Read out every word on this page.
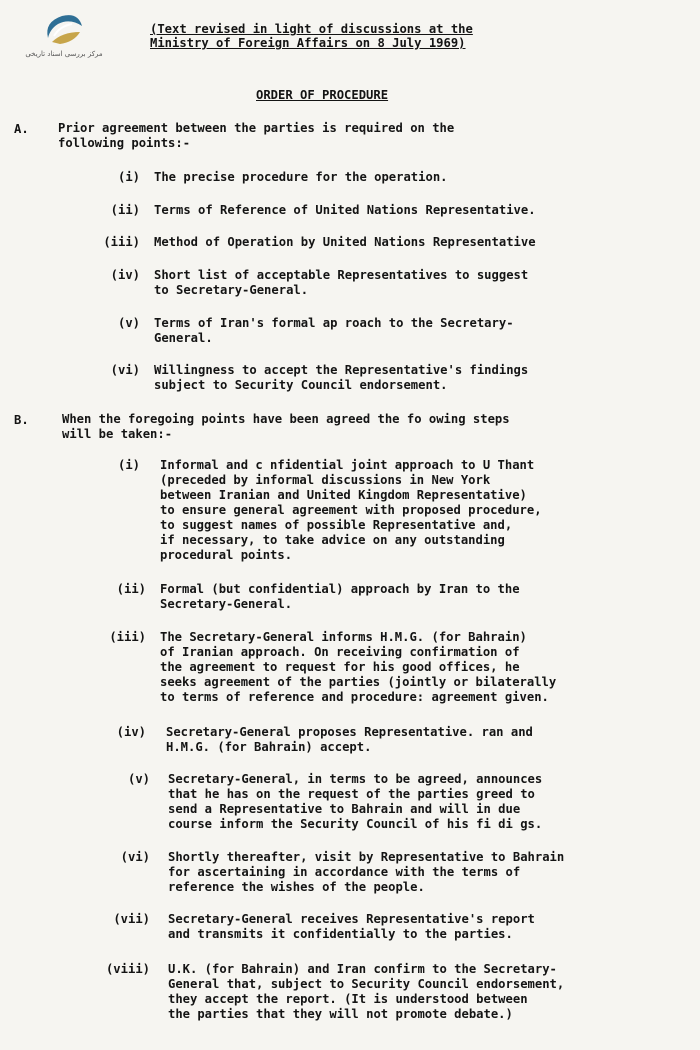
مرکز بررسی اسناد تاریخی
(Text revised in light of discussions at the
Ministry of Foreign Affairs on 8 July 1969)
ORDER OF PROCEDURE
A. Prior agreement between the parties is required on the
following points:-
(i) The precise procedure for the operation.
(ii) Terms of Reference of United Nations Representative.
(iii) Method of Operation by United Nations Representative
(iv) Short list of acceptable Representatives to suggest
to Secretary-General.
(v) Terms of Iran's formal ap roach to the Secretary-
General.
(vi) Willingness to accept the Representative's findings
subject to Security Council endorsement.
B.	When the foregoing points have been agreed the fo owing steps
will be taken:-
(i) Informal and c nfidential joint approach to U Thant
(preceded by informal discussions in New York
between Iranian and United Kingdom Representative)
to ensure general agreement with proposed procedure,
to suggest names of possible Representative and,
if necessary, to take advice on any outstanding
procedural points.
(ii) Formal (but confidential) approach by Iran to the
Secretary-General.
(iii) The Secretary-General informs H.M.G. (for Bahrain)
of Iranian approach. On receiving confirmation of
the agreement to request for his good offices, he
seeks agreement of the parties (jointly or bilaterally
to terms of reference and procedure: agreement given.
(iv) Secretary-General proposes Representative. ran and
H.M.G. (for Bahrain) accept.
(v) Secretary-General, in terms to be agreed, announces
that he has on the request of the parties greed to
send a Representative to Bahrain and will in due
course inform the Security Council of his fi di gs.
(vi) Shortly thereafter, visit by Representative to Bahrain
for ascertaining in accordance with the terms of
reference the wishes of the people.
(vii) Secretary-General receives Representative's report
and transmits it confidentially to the parties.
(viii) U.K. (for Bahrain) and Iran confirm to the Secretary-
General that, subject to Security Council endorsement,
they accept the report. (It is understood between
the parties that they will not promote debate.)
